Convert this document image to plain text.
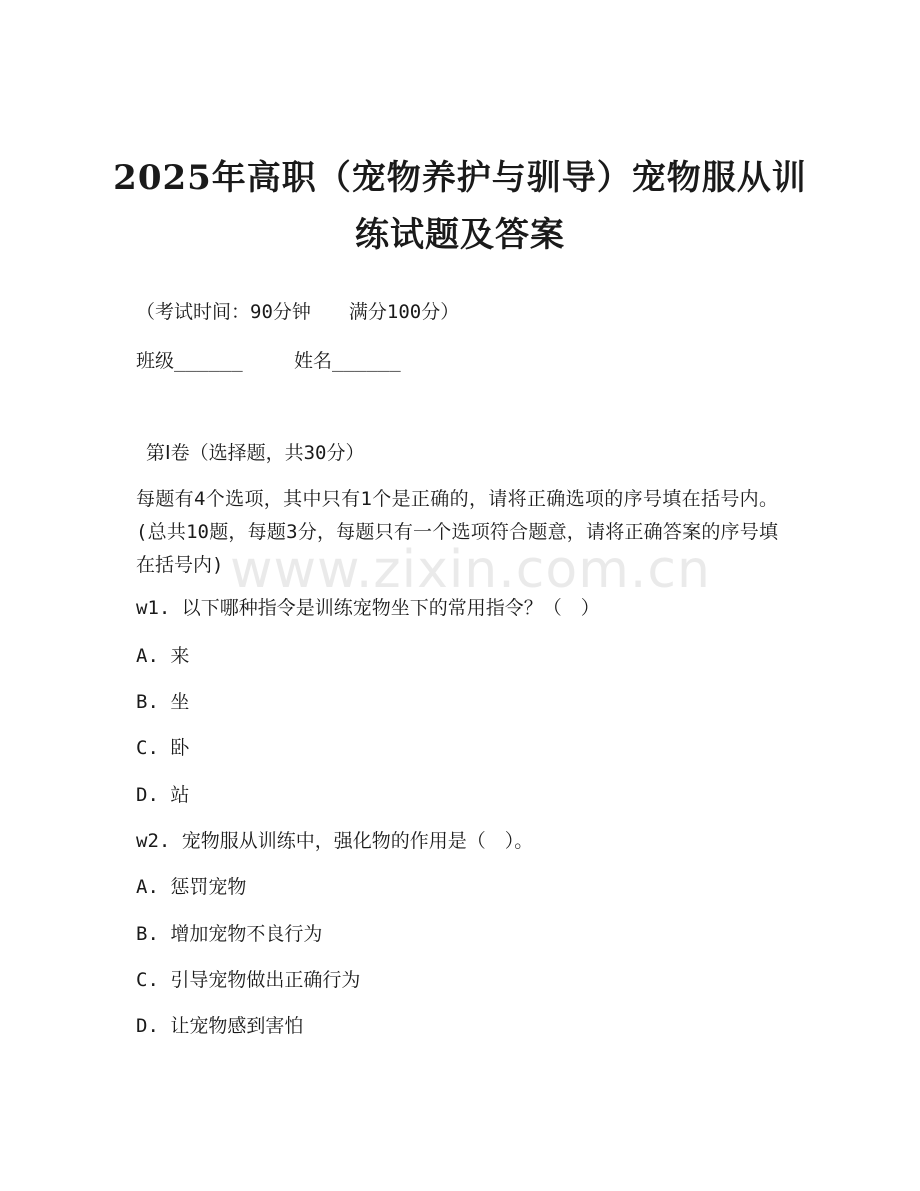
2025年高职（宠物养护与驯导）宠物服从训练试题及答案

（考试时间：90分钟　　满分100分）

班级______	姓名______

第Ⅰ卷（选择题，共30分）

每题有4个选项，其中只有1个是正确的，请将正确选项的序号填在括号内。(总共10题，每题3分，每题只有一个选项符合题意，请将正确答案的序号填在括号内)

w1. 以下哪种指令是训练宠物坐下的常用指令？（　）

A. 来

B. 坐

C. 卧

D. 站

w2. 宠物服从训练中，强化物的作用是（　）。

A. 惩罚宠物

B. 增加宠物不良行为

C. 引导宠物做出正确行为

D. 让宠物感到害怕

www.zixin.com.cn
